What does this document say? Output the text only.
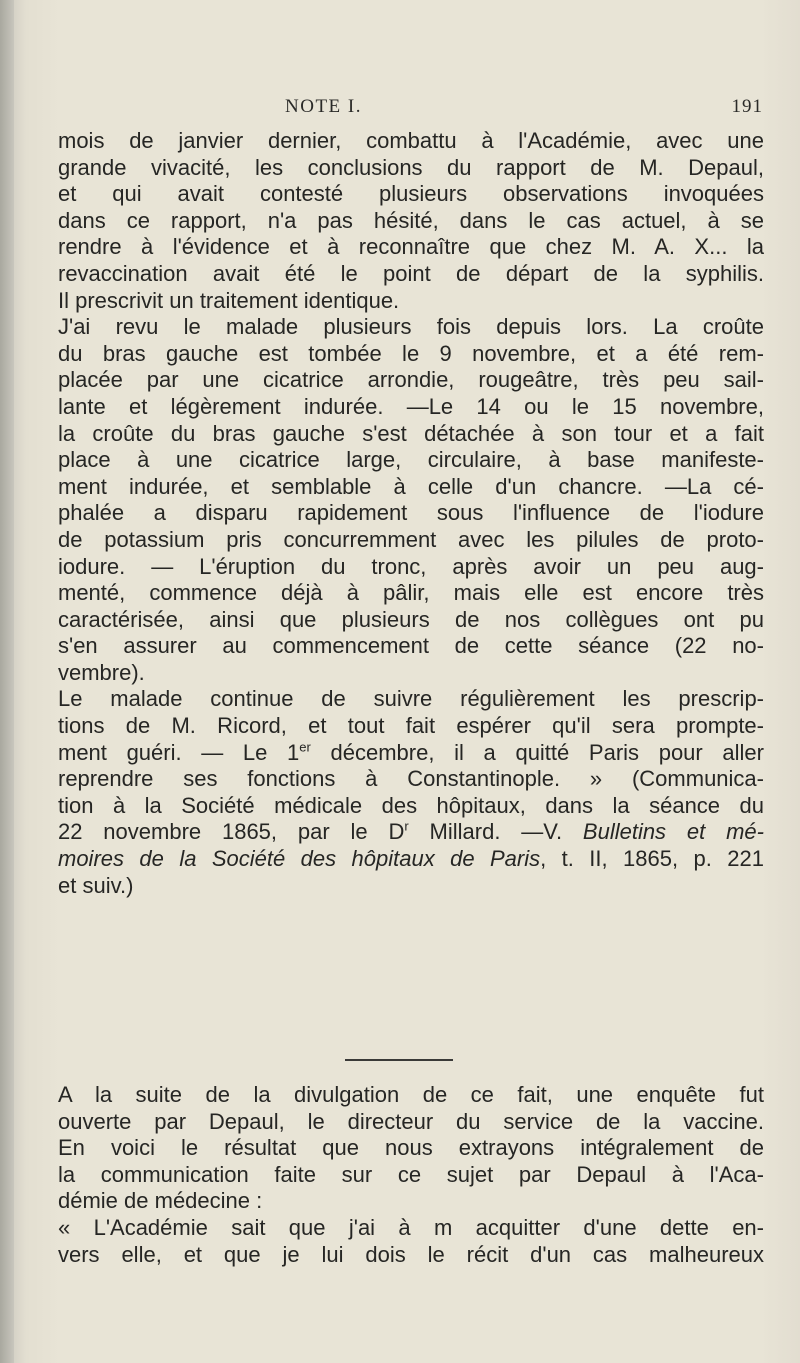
NOTE I.	191
mois de janvier dernier, combattu à l'Académie, avec une
grande vivacité, les conclusions du rapport de M. Depaul,
et qui avait contesté plusieurs observations invoquées
dans ce rapport, n'a pas hésité, dans le cas actuel, à se
rendre à l'évidence et à reconnaître que chez M. A. X... la
revaccination avait été le point de départ de la syphilis.
Il prescrivit un traitement identique.
J'ai revu le malade plusieurs fois depuis lors. La croûte
du bras gauche est tombée le 9 novembre, et a été rem-
placée par une cicatrice arrondie, rougeâtre, très peu sail-
lante et légèrement indurée. —Le 14 ou le 15 novembre,
la croûte du bras gauche s'est détachée à son tour et a fait
place à une cicatrice large, circulaire, à base manifeste-
ment indurée, et semblable à celle d'un chancre. —La cé-
phalée a disparu rapidement sous l'influence de l'iodure
de potassium pris concurremment avec les pilules de proto-
iodure. — L'éruption du tronc, après avoir un peu aug-
menté, commence déjà à pâlir, mais elle est encore très
caractérisée, ainsi que plusieurs de nos collègues ont pu
s'en assurer au commencement de cette séance (22 no-
vembre).
Le malade continue de suivre régulièrement les prescrip-
tions de M. Ricord, et tout fait espérer qu'il sera prompte-
ment guéri. — Le 1er décembre, il a quitté Paris pour aller
reprendre ses fonctions à Constantinople. » (Communica-
tion à la Société médicale des hôpitaux, dans la séance du
22 novembre 1865, par le $D^r$ Millard. —V. Bulletins et mé-
moires de la Société des hôpitaux de Paris, t. II, 1865, p. 221
et suiv.)
A la suite de la divulgation de ce fait, une enquête fut
ouverte par Depaul, le directeur du service de la vaccine.
En voici le résultat que nous extrayons intégralement de
la communication faite sur ce sujet par Depaul à l'Aca-
démie de médecine :
« L'Académie sait que j'ai à m acquitter d'une dette en-
vers elle, et que je lui dois le récit d'un cas malheureux
